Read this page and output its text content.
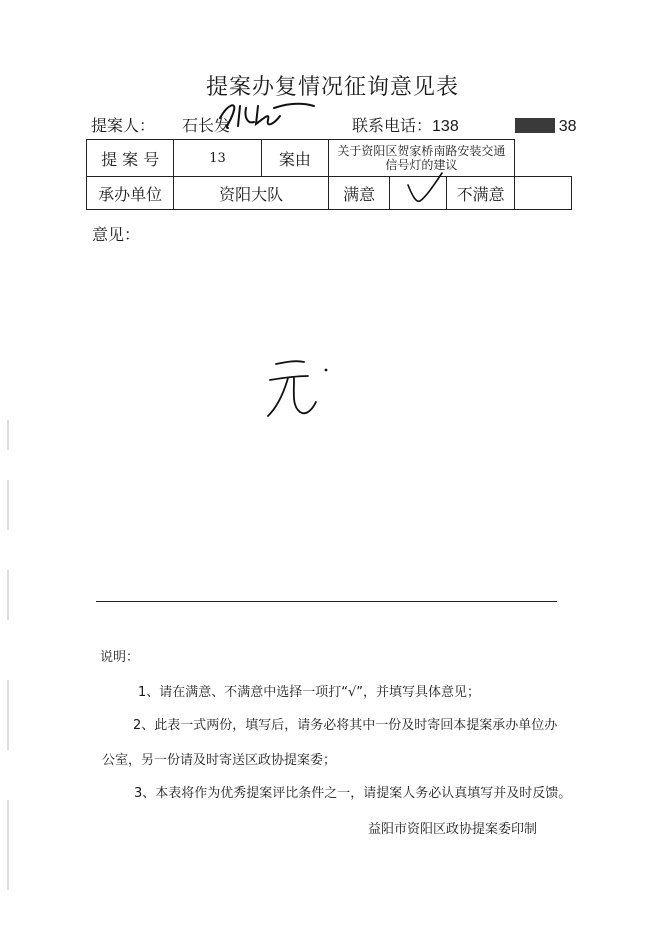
提案办复情况征询意见表
提案人： 石长发	联系电话：138	38
提 案 号	13	案由	关于资阳区贺家桥南路安装交通信号灯的建议			
承办单位	资阳大队		满意		不满意	
意见：
说明：
1、请在满意、不满意中选择一项打“√”，并填写具体意见；
2、此表一式两份，填写后，请务必将其中一份及时寄回本提案承办单位办
公室，另一份请及时寄送区政协提案委；
3、本表将作为优秀提案评比条件之一，请提案人务必认真填写并及时反馈。
益阳市资阳区政协提案委印制
